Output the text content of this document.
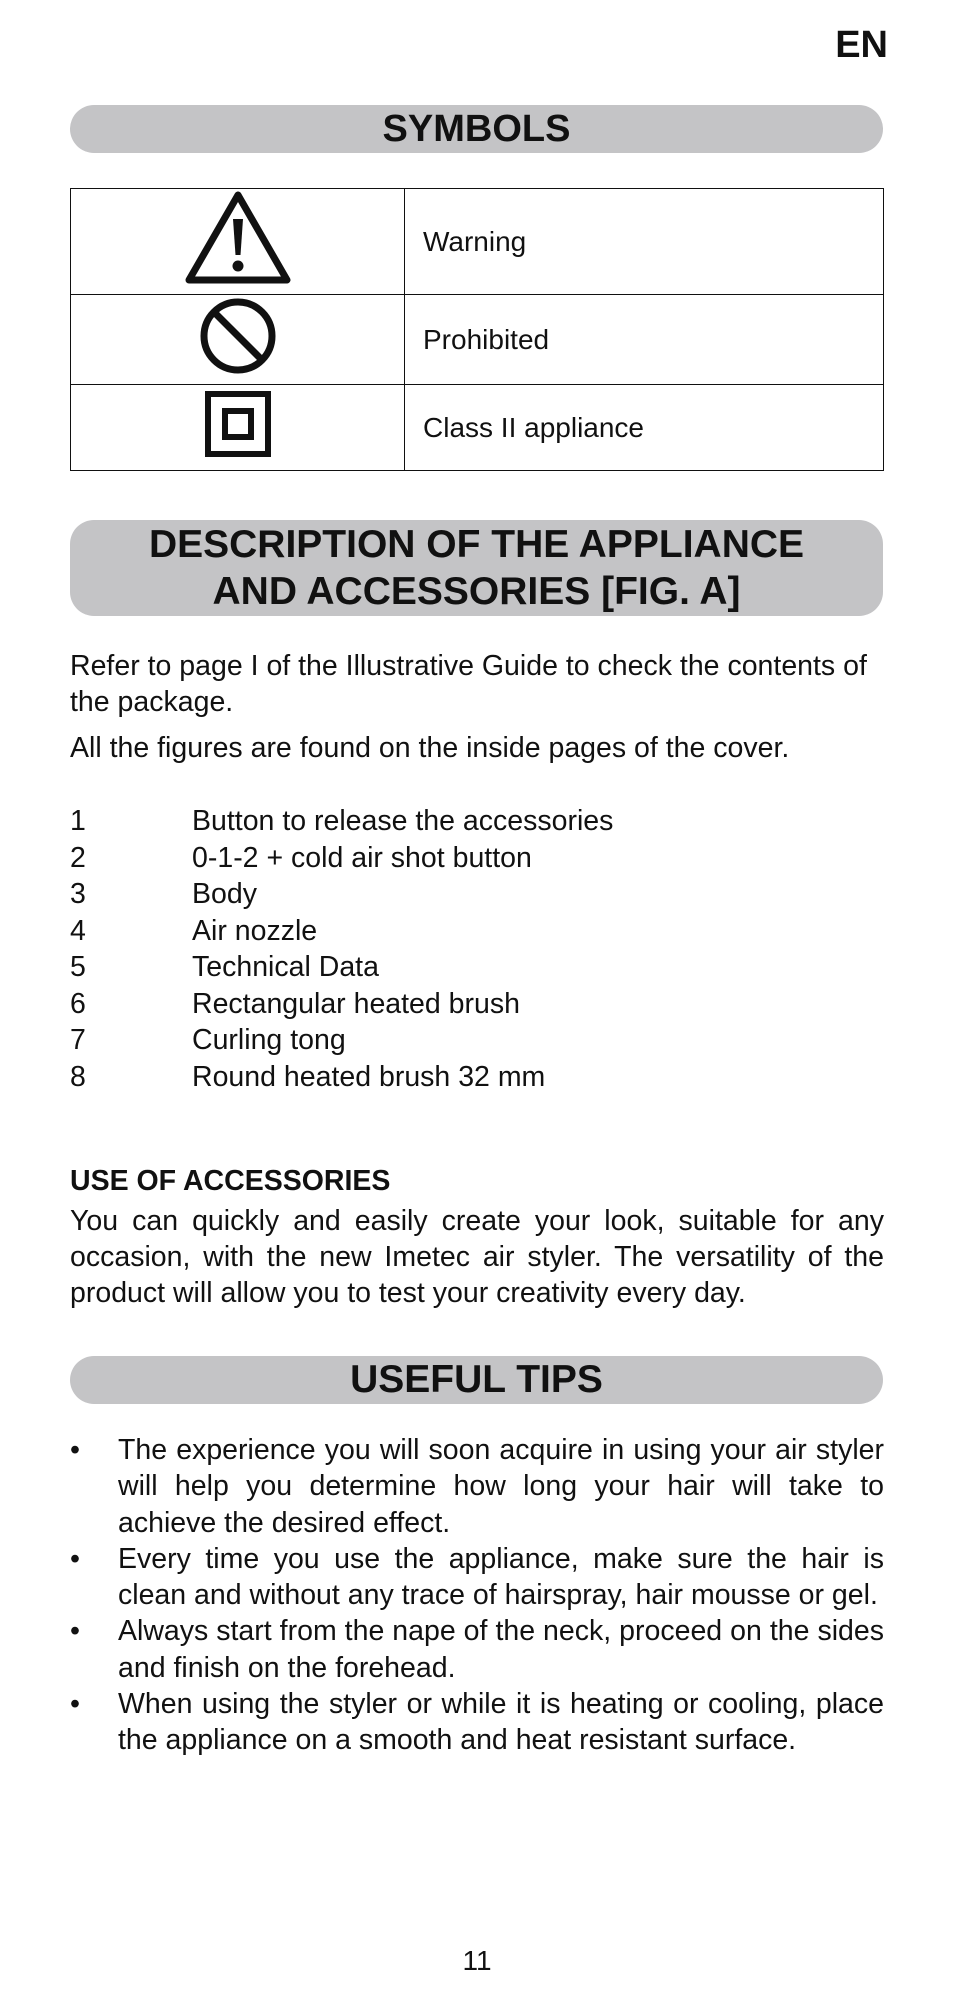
EN
SYMBOLS
	Warning
	Prohibited
	Class II appliance
DESCRIPTION OF THE APPLIANCE
AND ACCESSORIES [FIG. A]
Refer to page I of the Illustrative Guide to check the contents of the package.
All the figures are found on the inside pages of the cover.
1	Button to release the accessories
2	0-1-2 + cold air shot button
3	Body
4	Air nozzle
5	Technical Data
6	Rectangular heated brush
7	Curling tong
8	Round heated brush 32 mm
USE OF ACCESSORIES
You can quickly and easily create your look, suitable for any occasion, with the new Imetec air styler. The versatility of the product will allow you to test your creativity every day.
USEFUL TIPS
•	The experience you will soon acquire in using your air styler will help you determine how long your hair will take to achieve the desired effect.
•	Every time you use the appliance, make sure the hair is clean and without any trace of hairspray, hair mousse or gel.
•	Always start from the nape of the neck, proceed on the sides and finish on the forehead.
•	When using the styler or while it is heating or cooling, place the appliance on a smooth and heat resistant surface.
11
